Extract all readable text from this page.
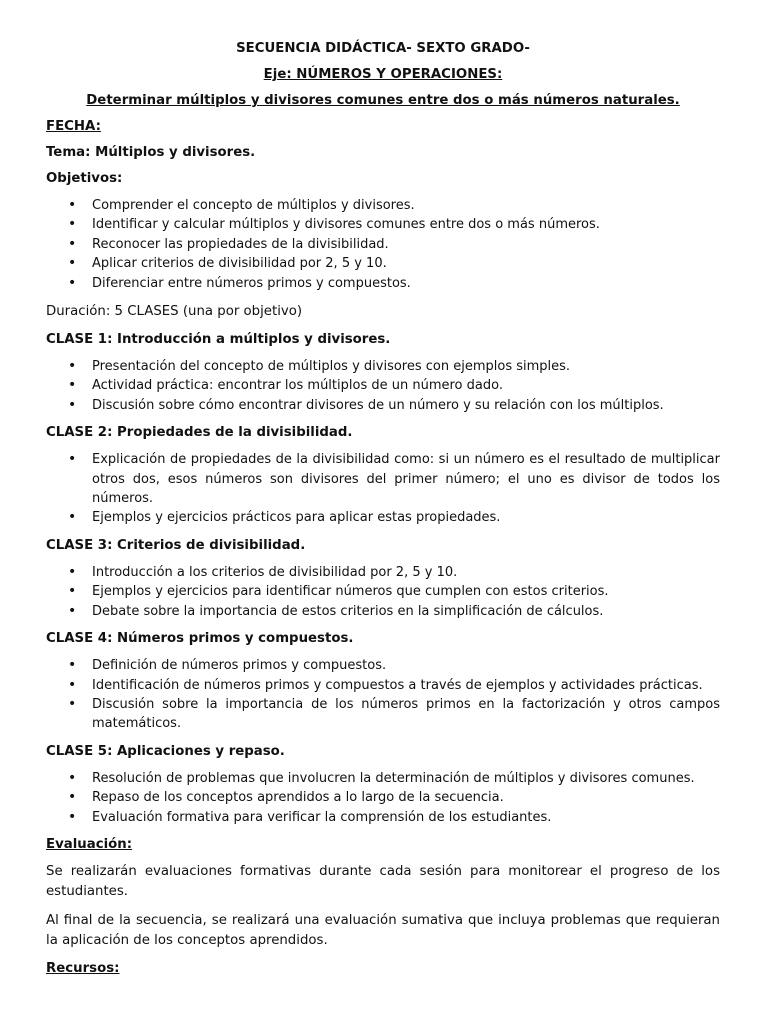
SECUENCIA DIDÁCTICA- SEXTO GRADO-
Eje: NÚMEROS Y OPERACIONES:
Determinar múltiplos y divisores comunes entre dos o más números naturales.
FECHA:
Tema: Múltiplos y divisores.
Objetivos:
• Comprender el concepto de múltiplos y divisores.
• Identificar y calcular múltiplos y divisores comunes entre dos o más números.
• Reconocer las propiedades de la divisibilidad.
• Aplicar criterios de divisibilidad por 2, 5 y 10.
• Diferenciar entre números primos y compuestos.

Duración: 5 CLASES (una por objetivo)

CLASE 1: Introducción a múltiplos y divisores.
• Presentación del concepto de múltiplos y divisores con ejemplos simples.
• Actividad práctica: encontrar los múltiplos de un número dado.
• Discusión sobre cómo encontrar divisores de un número y su relación con los múltiplos.
CLASE 2: Propiedades de la divisibilidad.
• Explicación de propiedades de la divisibilidad como: si un número es el resultado de multiplicar otros dos, esos números son divisores del primer número; el uno es divisor de todos los números.
• Ejemplos y ejercicios prácticos para aplicar estas propiedades.
CLASE 3: Criterios de divisibilidad.
• Introducción a los criterios de divisibilidad por 2, 5 y 10.
• Ejemplos y ejercicios para identificar números que cumplen con estos criterios.
• Debate sobre la importancia de estos criterios en la simplificación de cálculos.
CLASE 4: Números primos y compuestos.
• Definición de números primos y compuestos.
• Identificación de números primos y compuestos a través de ejemplos y actividades prácticas.
• Discusión sobre la importancia de los números primos en la factorización y otros campos matemáticos.
CLASE 5: Aplicaciones y repaso.
• Resolución de problemas que involucren la determinación de múltiplos y divisores comunes.
• Repaso de los conceptos aprendidos a lo largo de la secuencia.
• Evaluación formativa para verificar la comprensión de los estudiantes.
Evaluación:

Se realizarán evaluaciones formativas durante cada sesión para monitorear el progreso de los estudiantes.

Al final de la secuencia, se realizará una evaluación sumativa que incluya problemas que requieran la aplicación de los conceptos aprendidos.

Recursos:
